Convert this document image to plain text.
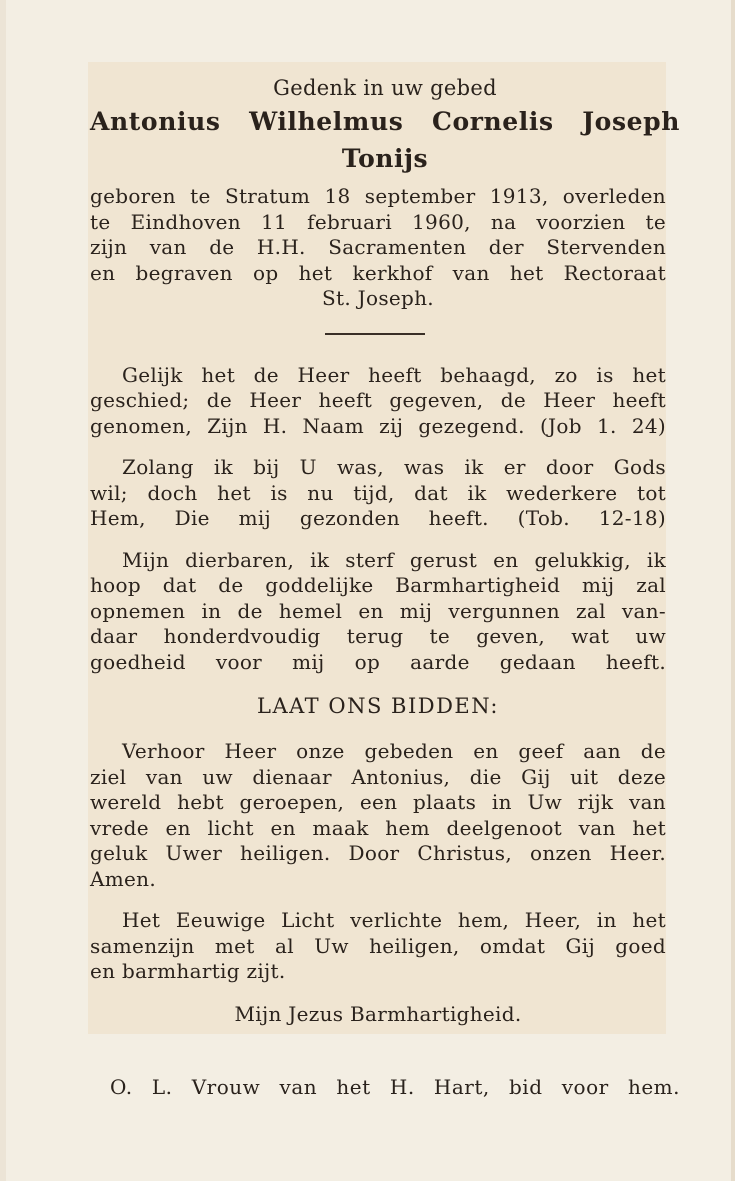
Gedenk in uw gebed
Antonius Wilhelmus Cornelis Joseph
Tonijs
geboren te Stratum 18 september 1913, overleden
te Eindhoven 11 februari 1960, na voorzien te
zijn van de H.H. Sacramenten der Stervenden
en begraven op het kerkhof van het Rectoraat
St. Joseph.
Gelijk het de Heer heeft behaagd, zo is het
geschied; de Heer heeft gegeven, de Heer heeft
genomen, Zijn H. Naam zij gezegend. (Job 1. 24)
Zolang ik bij U was, was ik er door Gods
wil; doch het is nu tijd, dat ik wederkere tot
Hem, Die mij gezonden heeft. (Tob. 12-18)
Mijn dierbaren, ik sterf gerust en gelukkig, ik
hoop dat de goddelijke Barmhartigheid mij zal
opnemen in de hemel en mij vergunnen zal van-
daar honderdvoudig terug te geven, wat uw
goedheid voor mij op aarde gedaan heeft.
LAAT ONS BIDDEN:
Verhoor Heer onze gebeden en geef aan de
ziel van uw dienaar Antonius, die Gij uit deze
wereld hebt geroepen, een plaats in Uw rijk van
vrede en licht en maak hem deelgenoot van het
geluk Uwer heiligen. Door Christus, onzen Heer.
Amen.
Het Eeuwige Licht verlichte hem, Heer, in het
samenzijn met al Uw heiligen, omdat Gij goed
en barmhartig zijt.
Mijn Jezus Barmhartigheid.
O. L. Vrouw van het H. Hart, bid voor hem.
